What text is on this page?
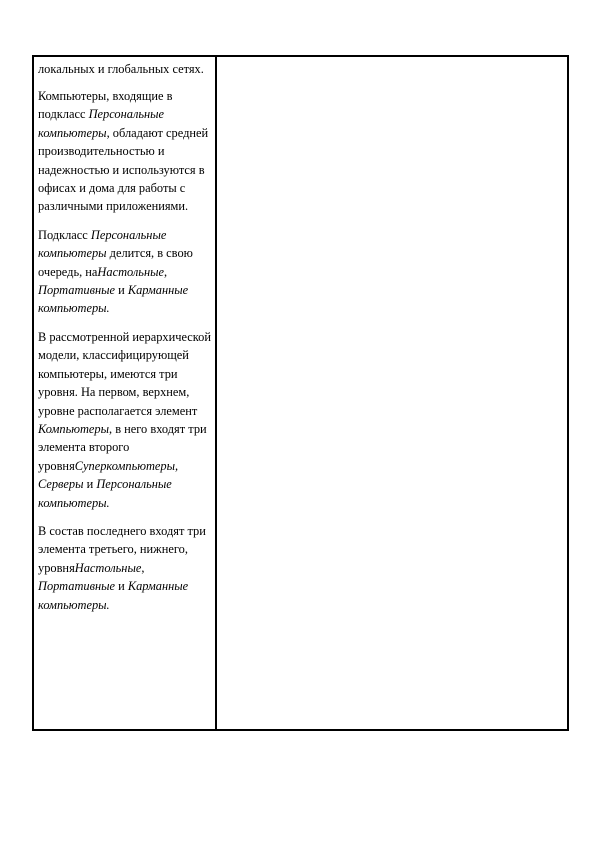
локальных и глобальных сетях.

Компьютеры, входящие в подкласс Персональные компьютеры, обладают средней производительностью и надежностью и используются в офисах и дома для работы с различными приложениями.

Подкласс Персональные компьютеры делится, в свою очередь, наНастольные, Портативные и Карманные компьютеры.

В рассмотренной иерархической модели, классифицирующей компьютеры, имеются три уровня. На первом, верхнем, уровне располагается элемент Компьютеры, в него входят три элемента второго уровняСуперкомпьютеры, Серверы и Персональные компьютеры.

В состав последнего входят три элемента третьего, нижнего, уровняНастольные, Портативные и Карманные компьютеры.
